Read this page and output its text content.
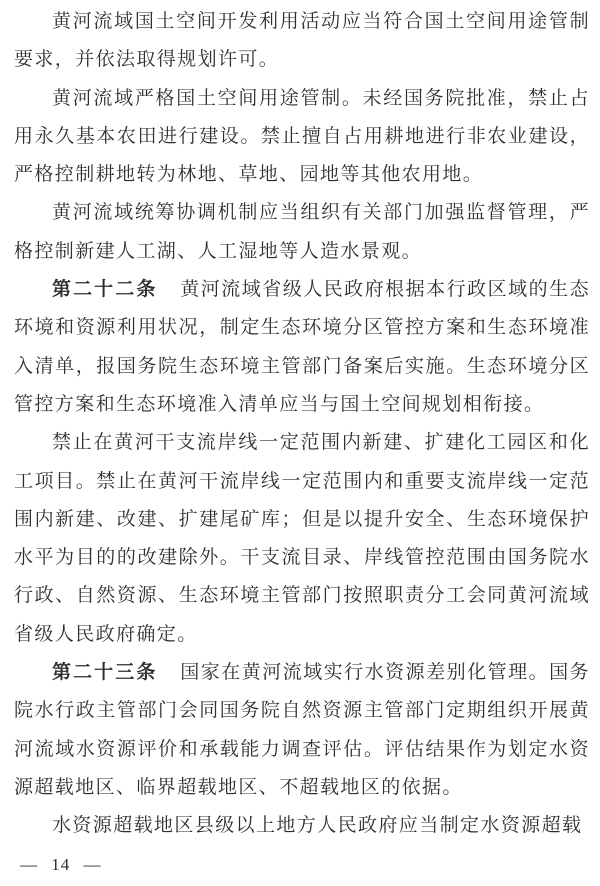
黄河流域国土空间开发利用活动应当符合国土空间用途管制要求，并依法取得规划许可。

黄河流域严格国土空间用途管制。未经国务院批准，禁止占用永久基本农田进行建设。禁止擅自占用耕地进行非农业建设，严格控制耕地转为林地、草地、园地等其他农用地。

黄河流域统筹协调机制应当组织有关部门加强监督管理，严格控制新建人工湖、人工湿地等人造水景观。

第二十二条 黄河流域省级人民政府根据本行政区域的生态环境和资源利用状况，制定生态环境分区管控方案和生态环境准入清单，报国务院生态环境主管部门备案后实施。生态环境分区管控方案和生态环境准入清单应当与国土空间规划相衔接。

禁止在黄河干支流岸线一定范围内新建、扩建化工园区和化工项目。禁止在黄河干流岸线一定范围内和重要支流岸线一定范围内新建、改建、扩建尾矿库；但是以提升安全、生态环境保护水平为目的的改建除外。干支流目录、岸线管控范围由国务院水行政、自然资源、生态环境主管部门按照职责分工会同黄河流域省级人民政府确定。

第二十三条 国家在黄河流域实行水资源差别化管理。国务院水行政主管部门会同国务院自然资源主管部门定期组织开展黄河流域水资源评价和承载能力调查评估。评估结果作为划定水资源超载地区、临界超载地区、不超载地区的依据。

水资源超载地区县级以上地方人民政府应当制定水资源超载

— 14 —
